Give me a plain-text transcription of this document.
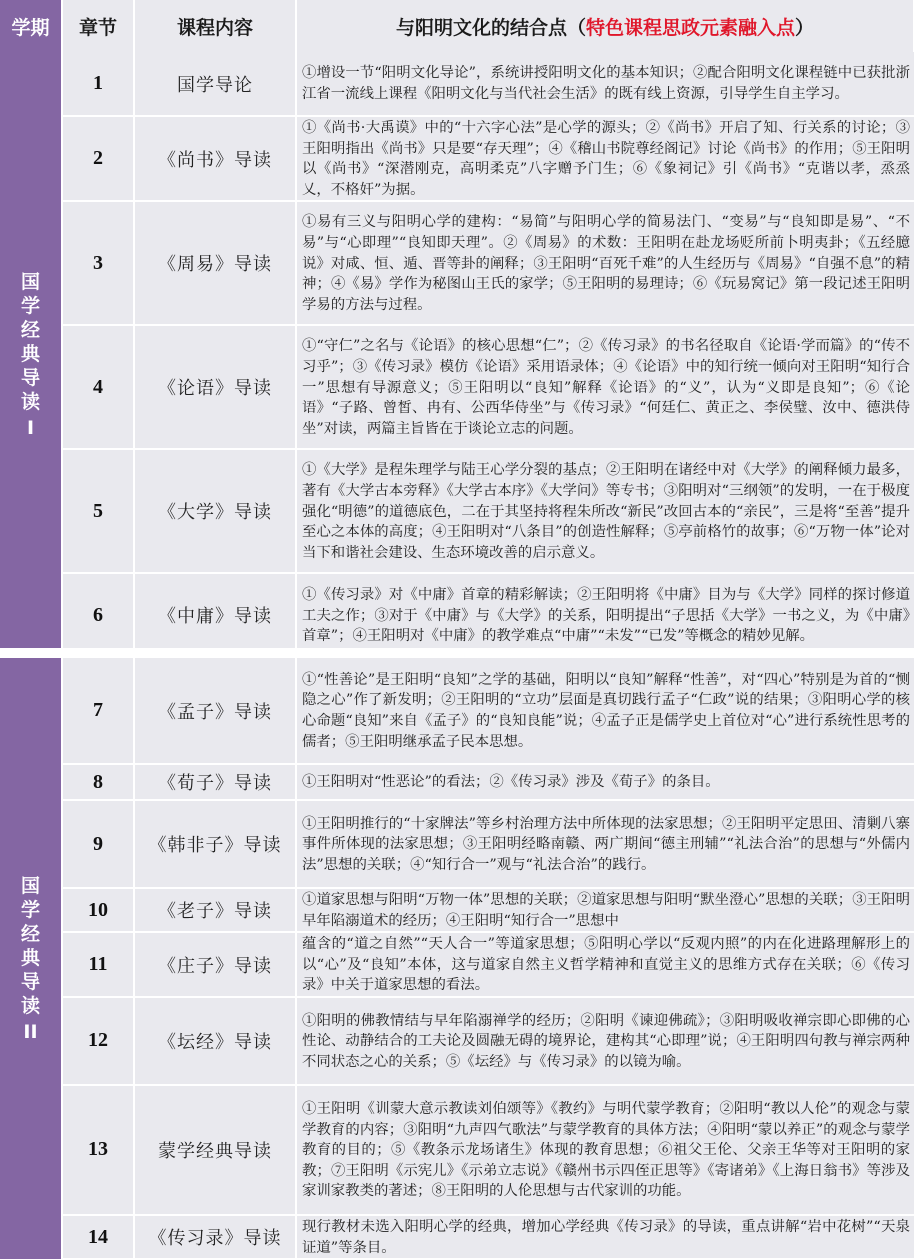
学期	章节	课程内容	与阳明文化的结合点（特色课程思政元素融入点）
国学经典导读
I	1	国学导论	①增设一节“阳明文化导论”，系统讲授阳明文化的基本知识；②配合阳明文化课程链中已获批浙江省一流线上课程《阳明文化与当代社会生活》的既有线上资源，引导学生自主学习。
	2	《尚书》导读	①《尚书·大禹谟》中的“十六字心法”是心学的源头；②《尚书》开启了知、行关系的讨论；③王阳明指出《尚书》只是要“存天理”；④《稽山书院尊经阁记》讨论《尚书》的作用；⑤王阳明以《尚书》“深潜刚克，高明柔克”八字赠予门生；⑥《象祠记》引《尚书》“克谐以孝，烝烝乂，不格奸”为据。
	3	《周易》导读	①易有三义与阳明心学的建构：“易简”与阳明心学的简易法门、“变易”与“良知即是易”、“不易”与“心即理”“良知即天理”。②《周易》的术数：王阳明在赴龙场贬所前卜明夷卦；《五经臆说》对咸、恒、遁、晋等卦的阐释；③王阳明“百死千难”的人生经历与《周易》“自强不息”的精神；④《易》学作为秘图山王氏的家学；⑤王阳明的易理诗；⑥《玩易窝记》第一段记述王阳明学易的方法与过程。
	4	《论语》导读	①“守仁”之名与《论语》的核心思想“仁”；②《传习录》的书名径取自《论语·学而篇》的“传不习乎”；③《传习录》模仿《论语》采用语录体；④《论语》中的知行统一倾向对王阳明“知行合一”思想有导源意义；⑤王阳明以“良知”解释《论语》的“义”，认为“义即是良知”；⑥《论语》“子路、曾皙、冉有、公西华侍坐”与《传习录》“何廷仁、黄正之、李侯璧、汝中、德洪侍坐”对读，两篇主旨皆在于谈论立志的问题。
	5	《大学》导读	①《大学》是程朱理学与陆王心学分裂的基点；②王阳明在诸经中对《大学》的阐释倾力最多，著有《大学古本旁释》《大学古本序》《大学问》等专书；③阳明对“三纲领”的发明，一在于极度强化“明德”的道德底色，二在于其坚持将程朱所改“新民”改回古本的“亲民”，三是将“至善”提升至心之本体的高度；④王阳明对“八条目”的创造性解释；⑤亭前格竹的故事；⑥“万物一体”论对当下和谐社会建设、生态环境改善的启示意义。
	6	《中庸》导读	①《传习录》对《中庸》首章的精彩解读；②王阳明将《中庸》目为与《大学》同样的探讨修道工夫之作；③对于《中庸》与《大学》的关系，阳明提出“子思括《大学》一书之义，为《中庸》首章”；④王阳明对《中庸》的教学难点“中庸”“未发”“已发”等概念的精妙见解。
国学经典导读
II	7	《孟子》导读	①“性善论”是王阳明“良知”之学的基础，阳明以“良知”解释“性善”，对“四心”特别是为首的“恻隐之心”作了新发明；②王阳明的“立功”层面是真切践行孟子“仁政”说的结果；③阳明心学的核心命题“良知”来自《孟子》的“良知良能”说；④孟子正是儒学史上首位对“心”进行系统性思考的儒者；⑤王阳明继承孟子民本思想。
	8	《荀子》导读	①王阳明对“性恶论”的看法；②《传习录》涉及《荀子》的条目。
	9	《韩非子》导读	①王阳明推行的“十家牌法”等乡村治理方法中所体现的法家思想；②王阳明平定思田、清剿八寨事件所体现的法家思想；③王阳明经略南赣、两广期间“德主刑辅”“礼法合治”的思想与“外儒内法”思想的关联；④“知行合一”观与“礼法合治”的践行。
	10	《老子》导读	①道家思想与阳明“万物一体”思想的关联；②道家思想与阳明“默坐澄心”思想的关联；③王阳明早年陷溺道术的经历；④王阳明“知行合一”思想中
	11	《庄子》导读	蕴含的“道之自然”“天人合一”等道家思想；⑤阳明心学以“反观内照”的内在化进路理解形上的以“心”及“良知”本体，这与道家自然主义哲学精神和直觉主义的思维方式存在关联；⑥《传习录》中关于道家思想的看法。
	12	《坛经》导读	①阳明的佛教情结与早年陷溺禅学的经历；②阳明《谏迎佛疏》；③阳明吸收禅宗即心即佛的心性论、动静结合的工夫论及圆融无碍的境界论，建构其“心即理”说；④王阳明四句教与禅宗两种不同状态之心的关系；⑤《坛经》与《传习录》的以镜为喻。
	13	蒙学经典导读	①王阳明《训蒙大意示教读刘伯颂等》《教约》与明代蒙学教育；②阳明“教以人伦”的观念与蒙学教育的内容；③阳明“九声四气歌法”与蒙学教育的具体方法；④阳明“蒙以养正”的观念与蒙学教育的目的；⑤《教条示龙场诸生》体现的教育思想；⑥祖父王伦、父亲王华等对王阳明的家教；⑦王阳明《示宪儿》《示弟立志说》《赣州书示四侄正思等》《寄诸弟》《上海日翁书》等涉及家训家教类的著述；⑧王阳明的人伦思想与古代家训的功能。
	14	《传习录》导读	现行教材未选入阳明心学的经典，增加心学经典《传习录》的导读，重点讲解“岩中花树”“天泉证道”等条目。
